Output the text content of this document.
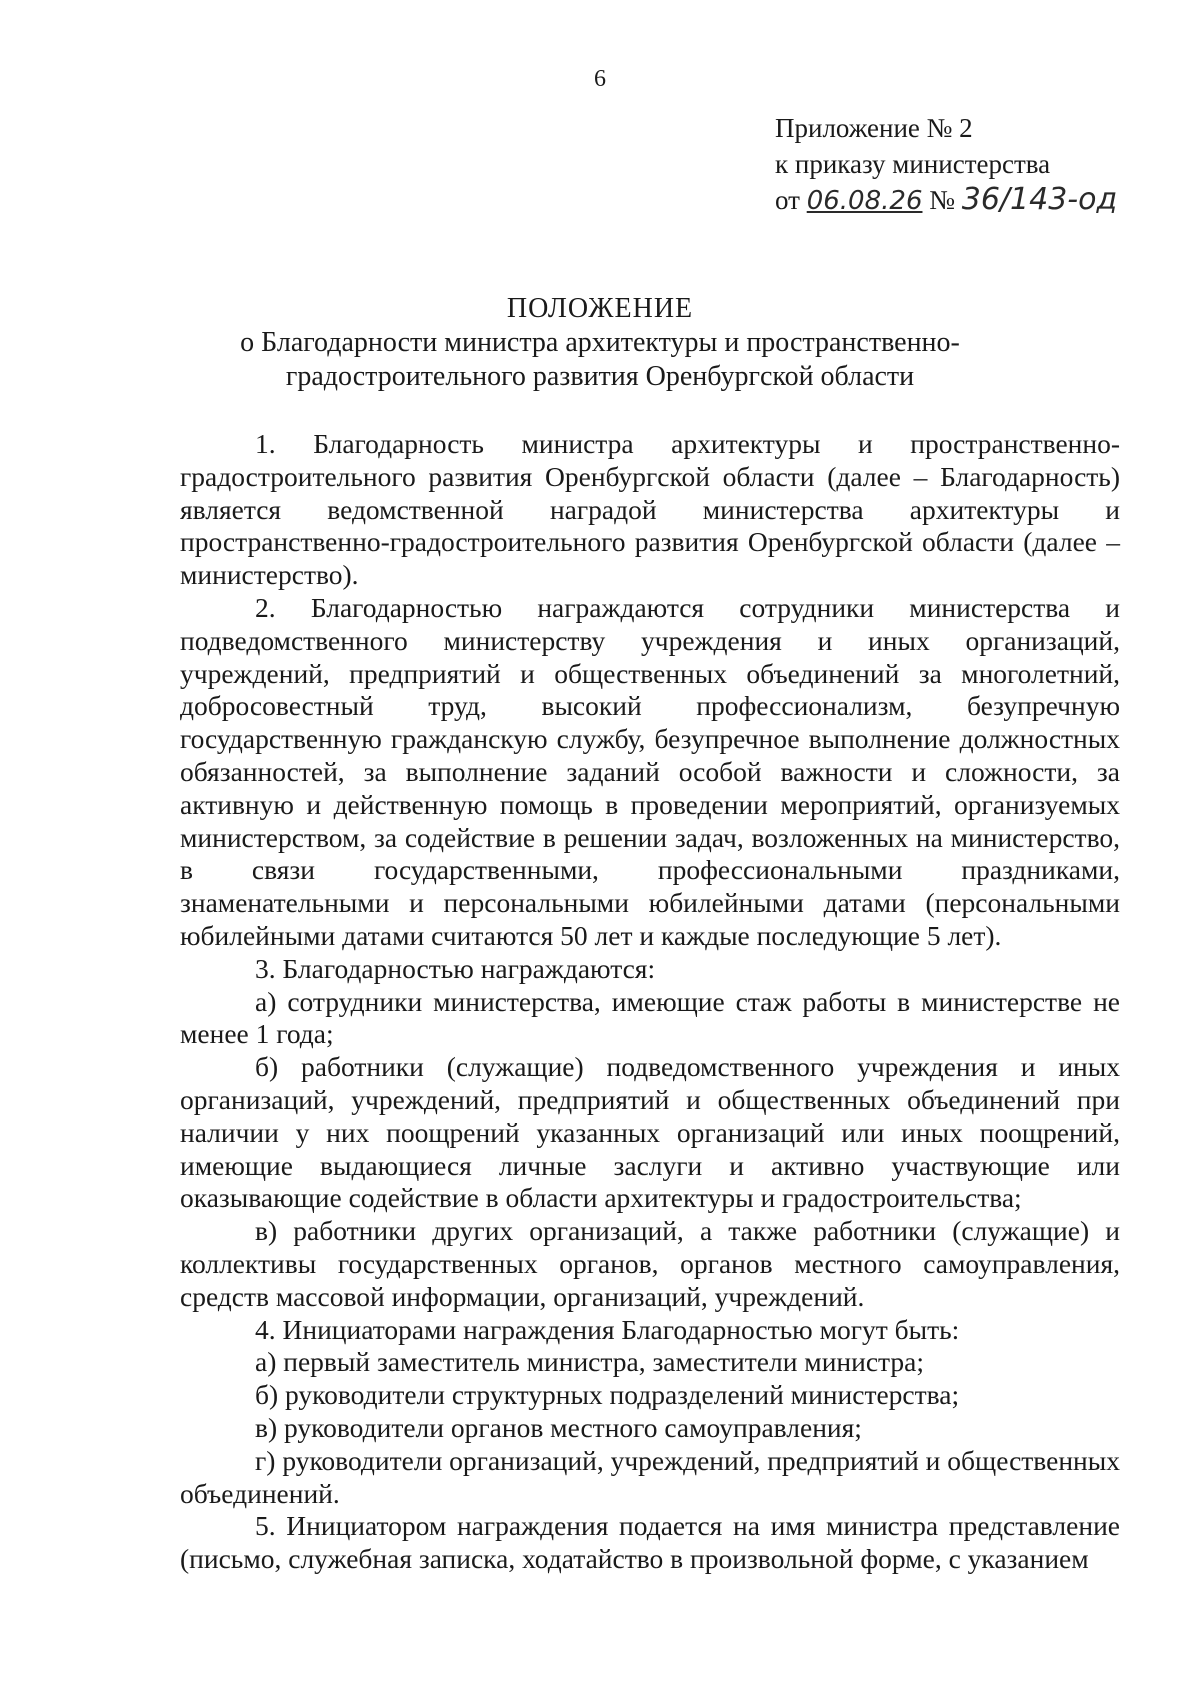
6
Приложение № 2
к приказу министерства
от 06.08.26 № 36/143-од
ПОЛОЖЕНИЕ
о Благодарности министра архитектуры и пространственно-
градостроительного развития Оренбургской области

1. Благодарность министра архитектуры и пространственно-градостроительного развития Оренбургской области (далее – Благодарность) является ведомственной наградой министерства архитектуры и пространственно-градостроительного развития Оренбургской области (далее – министерство).

2. Благодарностью награждаются сотрудники министерства и подведомственного министерству учреждения и иных организаций, учреждений, предприятий и общественных объединений за многолетний, добросовестный труд, высокий профессионализм, безупречную государственную гражданскую службу, безупречное выполнение должностных обязанностей, за выполнение заданий особой важности и сложности, за активную и действенную помощь в проведении мероприятий, организуемых министерством, за содействие в решении задач, возложенных на министерство, в связи государственными, профессиональными праздниками, знаменательными и персональными юбилейными датами (персональными юбилейными датами считаются 50 лет и каждые последующие 5 лет).

3. Благодарностью награждаются:

а) сотрудники министерства, имеющие стаж работы в министерстве не менее 1 года;

б) работники (служащие) подведомственного учреждения и иных организаций, учреждений, предприятий и общественных объединений при наличии у них поощрений указанных организаций или иных поощрений, имеющие выдающиеся личные заслуги и активно участвующие или оказывающие содействие в области архитектуры и градостроительства;

в) работники других организаций, а также работники (служащие) и коллективы государственных органов, органов местного самоуправления, средств массовой информации, организаций, учреждений.

4. Инициаторами награждения Благодарностью могут быть:

а) первый заместитель министра, заместители министра;

б) руководители структурных подразделений министерства;

в) руководители органов местного самоуправления;

г) руководители организаций, учреждений, предприятий и общественных объединений.

5. Инициатором награждения подается на имя министра представление (письмо, служебная записка, ходатайство в произвольной форме, с указанием
